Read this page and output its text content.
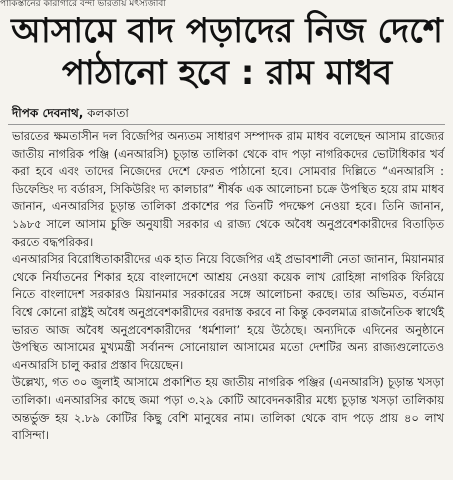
পাকিস্তানের কারাগারে বন্দী ভারতীয় মৎস্যজীবী
আসামে বাদ পড়াদের নিজ দেশে
পাঠানো হবে : রাম মাধব
দীপক দেবনাথ, কলকাতা

ভারতের ক্ষমতাসীন দল বিজেপির অন্যতম সাধারণ সম্পাদক রাম মাধব বলেছেন আসাম রাজ্যের জাতীয় নাগরিক পঞ্জি (এনআরসি) চূড়ান্ত তালিকা থেকে বাদ পড়া নাগরিকদের ভোটাধিকার খর্ব করা হবে এবং তাদের নিজেদের দেশে ফেরত পাঠানো হবে। সোমবার দিল্লিতে “এনআরসি : ডিফেন্ডিং দ্য বর্ডারস, সিকিউরিং দ্য কালচার” শীর্ষক এক আলোচনা চক্রে উপস্থিত হয়ে রাম মাধব জানান, এনআরসির চূড়ান্ত তালিকা প্রকাশের পর তিনটি পদক্ষেপ নেওয়া হবে। তিনি জানান, ১৯৮৫ সালে আসাম চুক্তি অনুযায়ী সরকার এ রাজ্য থেকে অবৈধ অনুপ্রবেশকারীদের বিতাড়িত করতে বদ্ধপরিকর।

এনআরসির বিরোধিতাকারীদের এক হাত নিয়ে বিজেপির এই প্রভাবশালী নেতা জানান, মিয়ানমার থেকে নির্যাতনের শিকার হয়ে বাংলাদেশে আশ্রয় নেওয়া কয়েক লাখ রোহিঙ্গা নাগরিক ফিরিয়ে নিতে বাংলাদেশ সরকারও মিয়ানমার সরকারের সঙ্গে আলোচনা করছে। তার অভিমত, বর্তমান বিশ্বে কোনো রাষ্ট্রই অবৈধ অনুপ্রবেশকারীদের বরদাস্ত করবে না কিন্তু কেবলমাত্র রাজনৈতিক স্বার্থেই ভারত আজ অবৈধ অনুপ্রবেশকারীদের ‘ধর্মশালা’ হয়ে উঠেছে। অন্যদিকে এদিনের অনুষ্ঠানে উপস্থিত আসামের মুখ্যমন্ত্রী সর্বানন্দ সোনোয়াল আসামের মতো দেশটির অন্য রাজ্যগুলোতেও এনআরসি চালু করার প্রস্তাব দিয়েছেন।

উল্লেখ্য, গত ৩০ জুলাই আসামে প্রকাশিত হয় জাতীয় নাগরিক পঞ্জির (এনআরসি) চূড়ান্ত খসড়া তালিকা। এনআরসির কাছে জমা পড়া ৩.২৯ কোটি আবেদনকারীর মধ্যে চূড়ান্ত খসড়া তালিকায় অন্তর্ভুক্ত হয় ২.৮৯ কোটির কিছু বেশি মানুষের নাম। তালিকা থেকে বাদ পড়ে প্রায় ৪০ লাখ বাসিন্দা।
